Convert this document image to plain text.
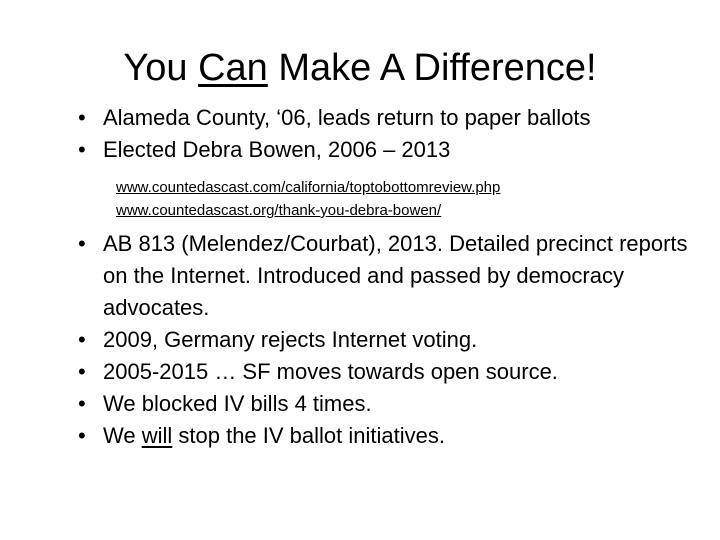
You Can Make A Difference!
• Alameda County, ‘06, leads return to paper ballots
• Elected Debra Bowen, 2006 – 2013
www.countedascast.com/california/toptobottomreview.php
www.countedascast.org/thank-you-debra-bowen/
• AB 813 (Melendez/Courbat), 2013. Detailed precinct reports on the Internet. Introduced and passed by democracy advocates.
• 2009, Germany rejects Internet voting.
• 2005-2015 … SF moves towards open source.
• We blocked IV bills 4 times.
• We will stop the IV ballot initiatives.
